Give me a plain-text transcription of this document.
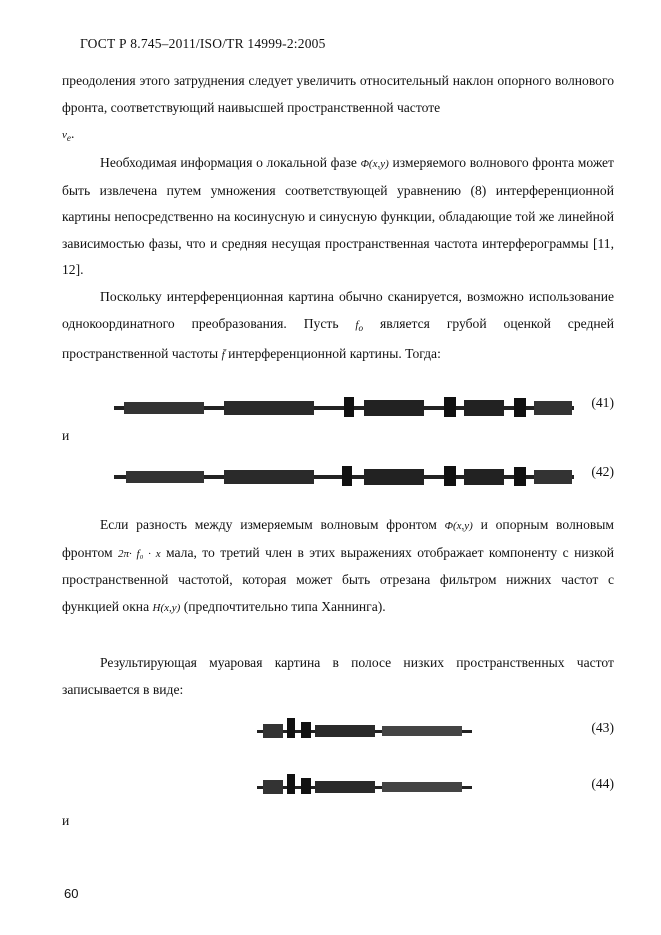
ГОСТ Р 8.745–2011/ISO/TR 14999-2:2005
преодоления этого затруднения следует увеличить относительный наклон опорного волнового фронта, соответствующий наивысшей пространственной частоте
$\nu_e$.
Необходимая информация о локальной фазе Φ(x,y) измеряемого волнового фронта может быть извлечена путем умножения соответствующей уравнению (8) интерференционной картины непосредственно на косинусную и синусную функции, обладающие той же линейной зависимостью фазы, что и средняя несущая пространственная частота интерферограммы [11, 12].
Поскольку интерференционная картина обычно сканируется, возможно использование однокоординатного преобразования. Пусть $f_o$ является грубой оценкой средней пространственной частоты f̄ интерференционной картины. Тогда:
(41)
и
(42)
Если разность между измеряемым волновым фронтом Φ(x,y) и опорным волновым фронтом 2π· f₀ · x мала, то третий член в этих выражениях отображает компоненту с низкой пространственной частотой, которая может быть отрезана фильтром нижних частот с функцией окна H(x,y) (предпочтительно типа Ханнинга).
Результирующая муаровая картина в полосе низких пространственных частот записывается в виде:
(43)
(44)
и
60
